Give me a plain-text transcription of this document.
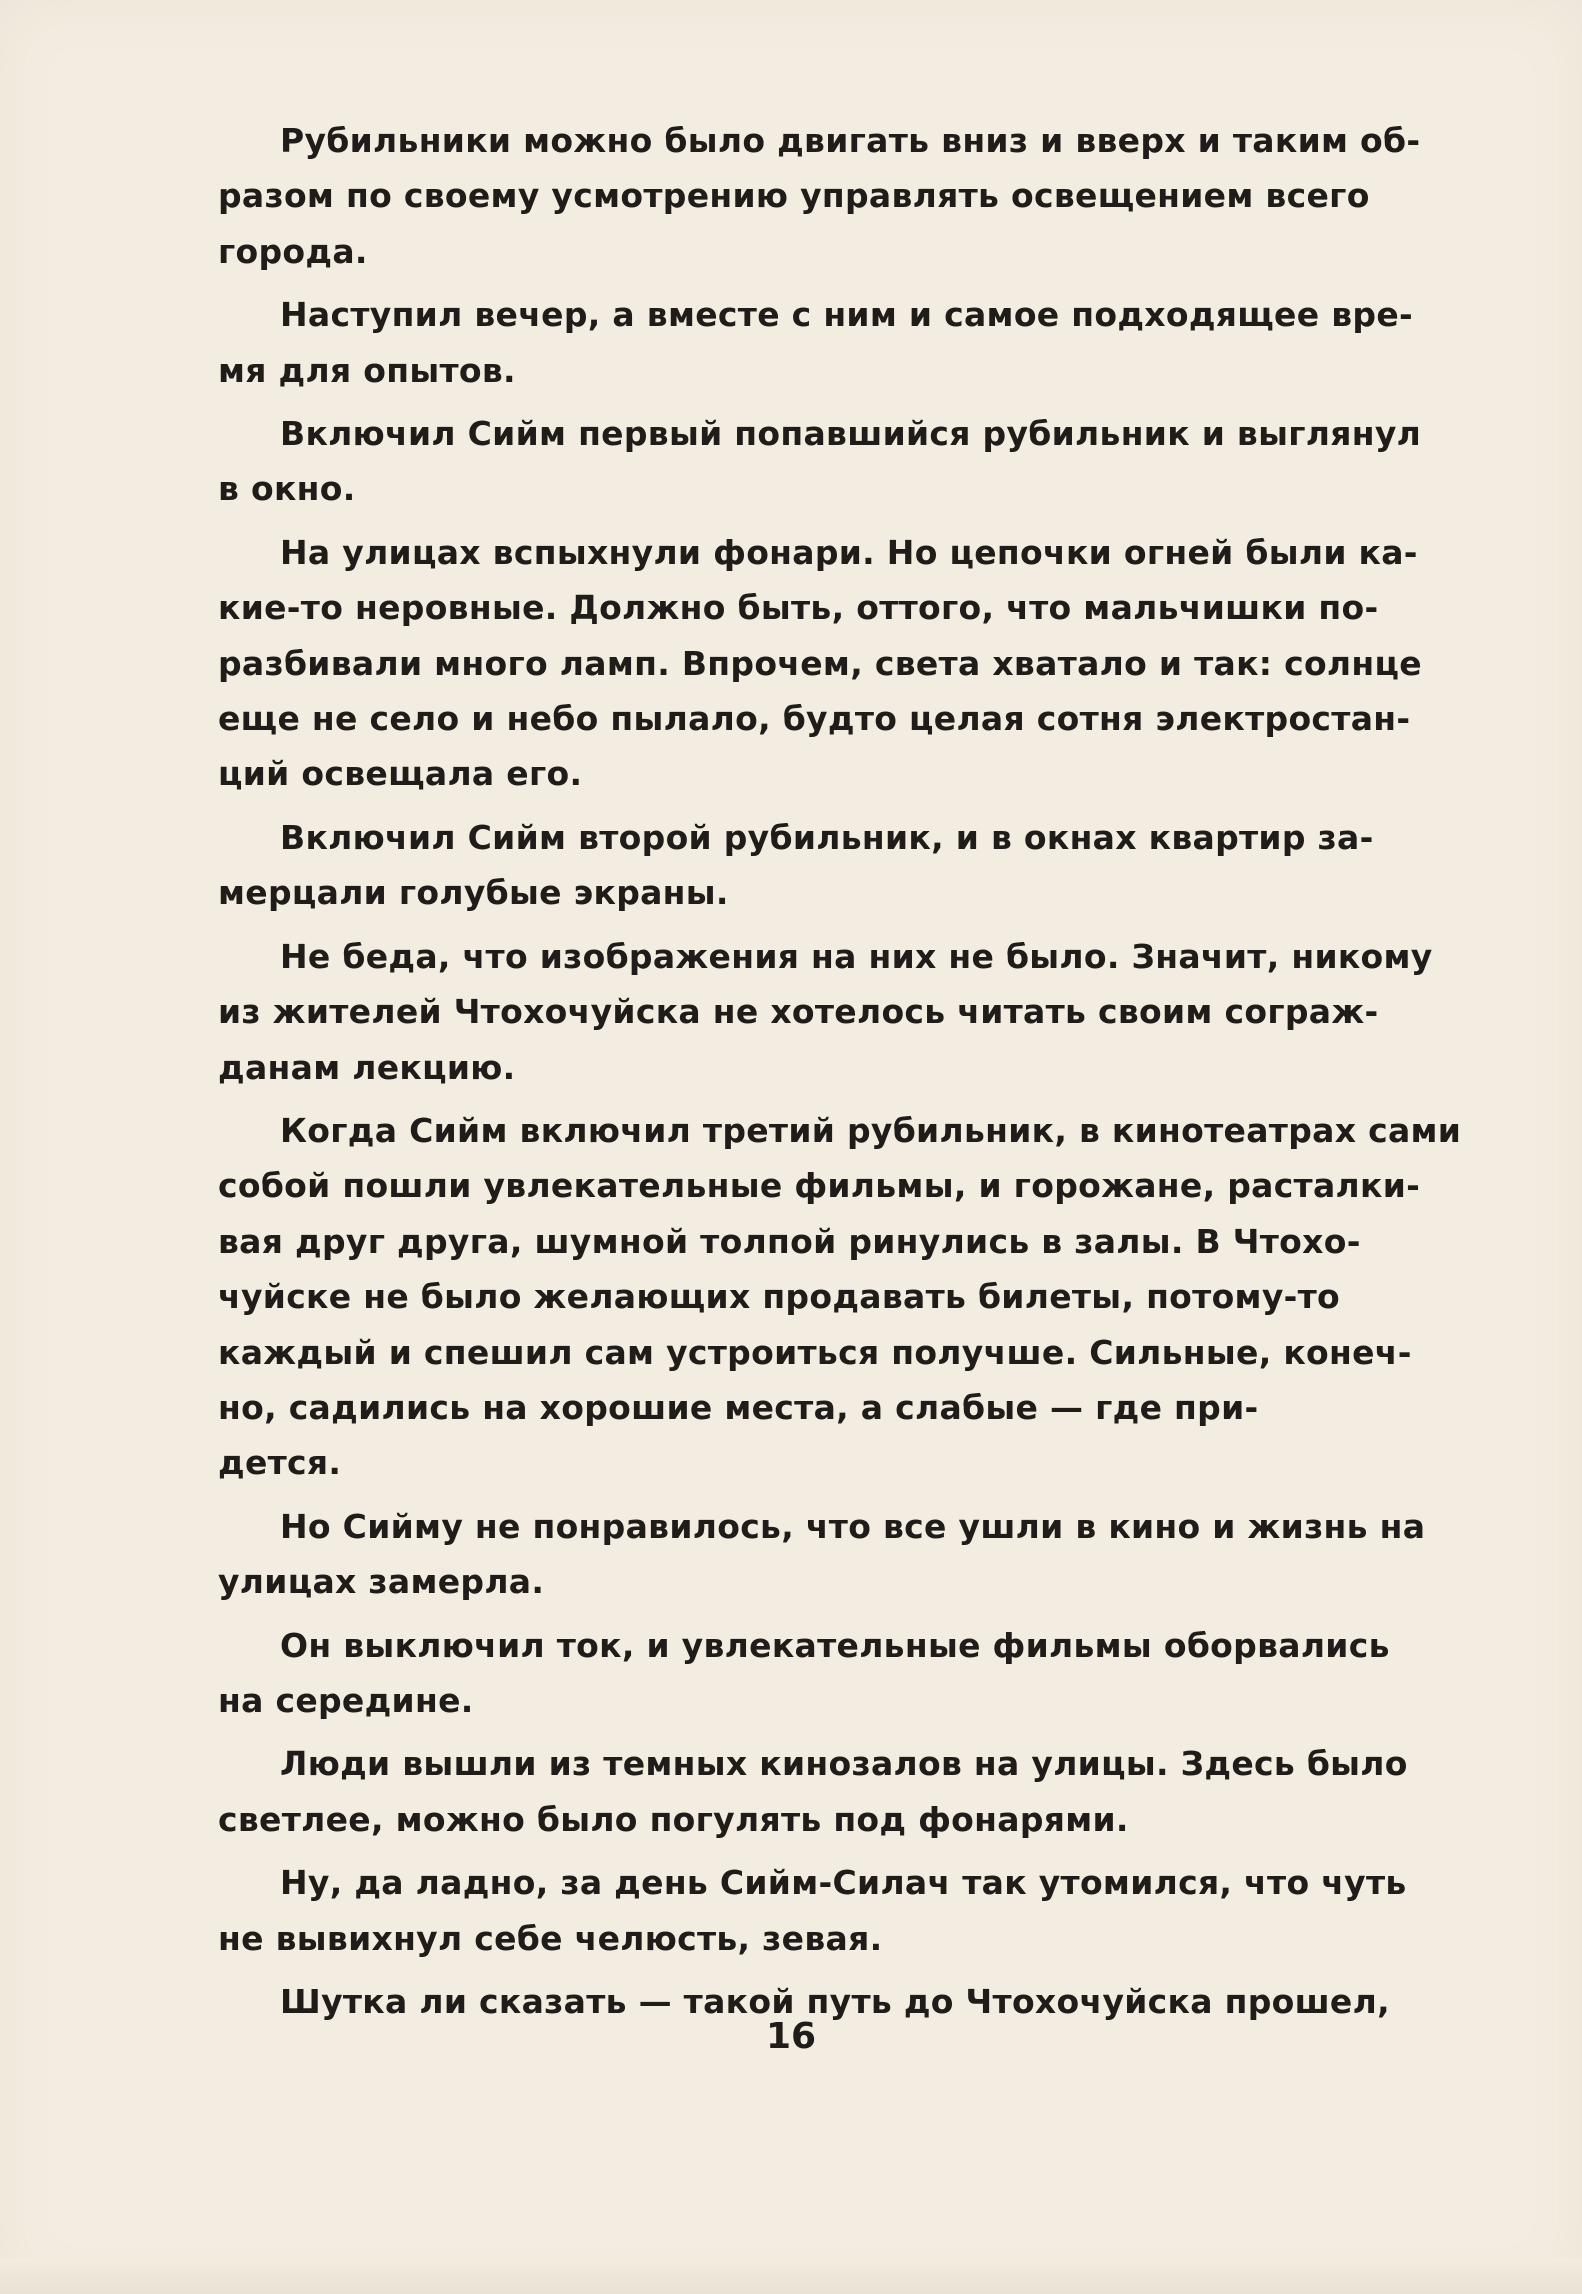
Рубильники можно было двигать вниз и вверх и таким об-
разом по своему усмотрению управлять освещением всего
города.

Наступил вечер, а вместе с ним и самое подходящее вре-
мя для опытов.

Включил Сийм первый попавшийся рубильник и выглянул
в окно.

На улицах вспыхнули фонари. Но цепочки огней были ка-
кие-то неровные. Должно быть, оттого, что мальчишки по-
разбивали много ламп. Впрочем, света хватало и так: солнце
еще не село и небо пылало, будто целая сотня электростан-
ций освещала его.

Включил Сийм второй рубильник, и в окнах квартир за-
мерцали голубые экраны.

Не беда, что изображения на них не было. Значит, никому
из жителей Чтохочуйска не хотелось читать своим сограж-
данам лекцию.

Когда Сийм включил третий рубильник, в кинотеатрах сами
собой пошли увлекательные фильмы, и горожане, расталки-
вая друг друга, шумной толпой ринулись в залы. В Чтохо-
чуйске не было желающих продавать билеты, потому-то
каждый и спешил сам устроиться получше. Сильные, конеч-
но, садились на хорошие места, а слабые — где при-
дется.

Но Сийму не понравилось, что все ушли в кино и жизнь на
улицах замерла.

Он выключил ток, и увлекательные фильмы оборвались
на середине.

Люди вышли из темных кинозалов на улицы. Здесь было
светлее, можно было погулять под фонарями.

Ну, да ладно, за день Сийм-Силач так утомился, что чуть
не вывихнул себе челюсть, зевая.

Шутка ли сказать — такой путь до Чтохочуйска прошел,

16
